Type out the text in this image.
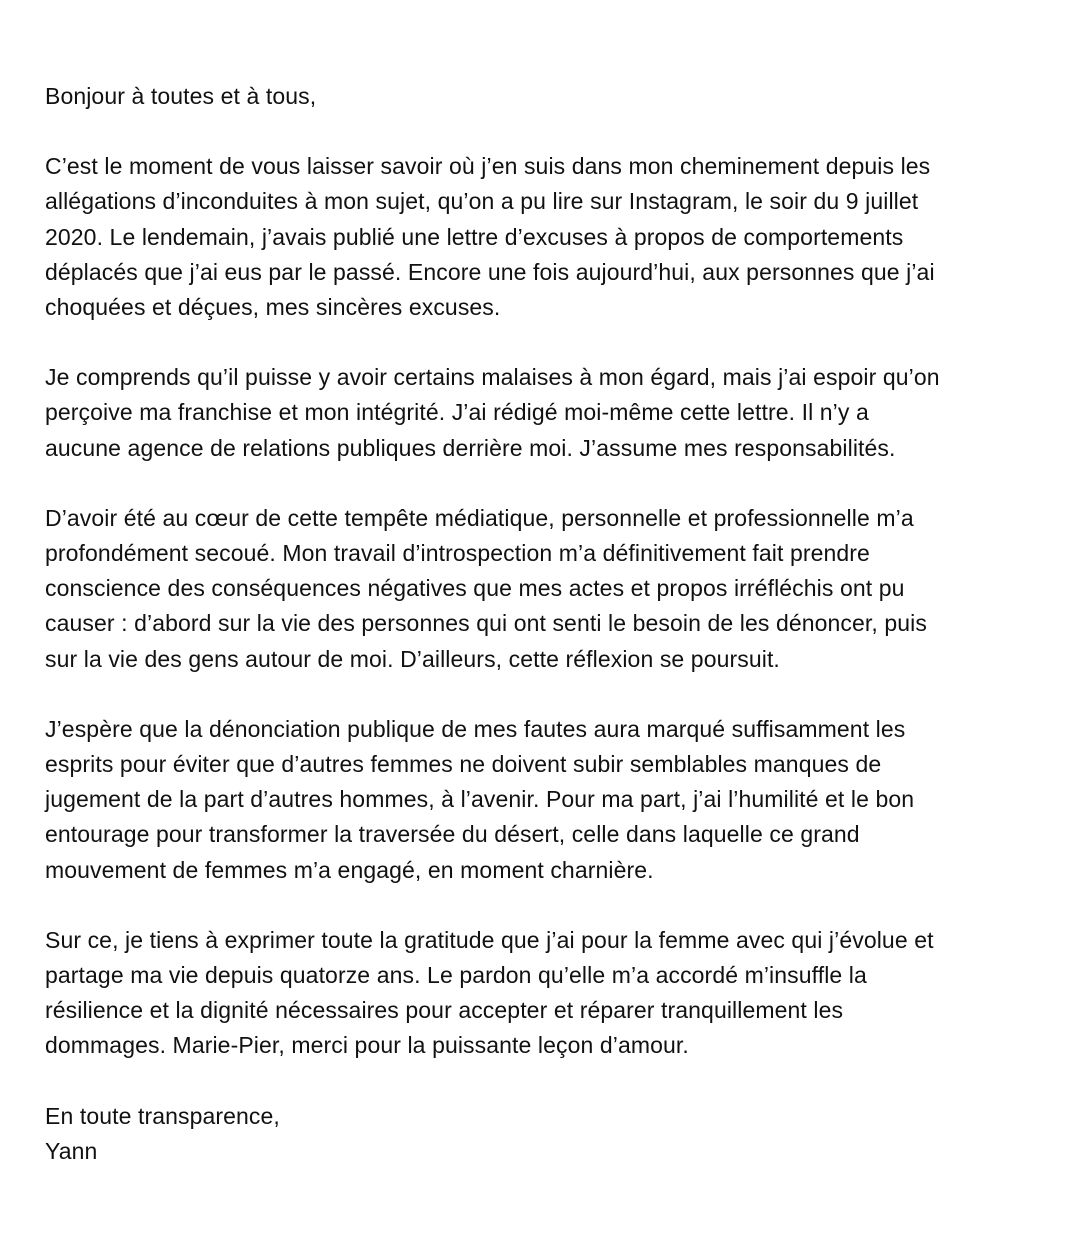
Bonjour à toutes et à tous,

C’est le moment de vous laisser savoir où j’en suis dans mon cheminement depuis les
allégations d’inconduites à mon sujet, qu’on a pu lire sur Instagram, le soir du 9 juillet
2020. Le lendemain, j’avais publié une lettre d’excuses à propos de comportements
déplacés que j’ai eus par le passé. Encore une fois aujourd’hui, aux personnes que j’ai
choquées et déçues, mes sincères excuses.

Je comprends qu’il puisse y avoir certains malaises à mon égard, mais j’ai espoir qu’on
perçoive ma franchise et mon intégrité. J’ai rédigé moi-même cette lettre. Il n’y a
aucune agence de relations publiques derrière moi. J’assume mes responsabilités.

D’avoir été au cœur de cette tempête médiatique, personnelle et professionnelle m’a
profondément secoué. Mon travail d’introspection m’a définitivement fait prendre
conscience des conséquences négatives que mes actes et propos irréfléchis ont pu
causer : d’abord sur la vie des personnes qui ont senti le besoin de les dénoncer, puis
sur la vie des gens autour de moi. D’ailleurs, cette réflexion se poursuit.

J’espère que la dénonciation publique de mes fautes aura marqué suffisamment les
esprits pour éviter que d’autres femmes ne doivent subir semblables manques de
jugement de la part d’autres hommes, à l’avenir. Pour ma part, j’ai l’humilité et le bon
entourage pour transformer la traversée du désert, celle dans laquelle ce grand
mouvement de femmes m’a engagé, en moment charnière.

Sur ce, je tiens à exprimer toute la gratitude que j’ai pour la femme avec qui j’évolue et
partage ma vie depuis quatorze ans. Le pardon qu’elle m’a accordé m’insuffle la
résilience et la dignité nécessaires pour accepter et réparer tranquillement les
dommages. Marie-Pier, merci pour la puissante leçon d’amour.

En toute transparence,
Yann
